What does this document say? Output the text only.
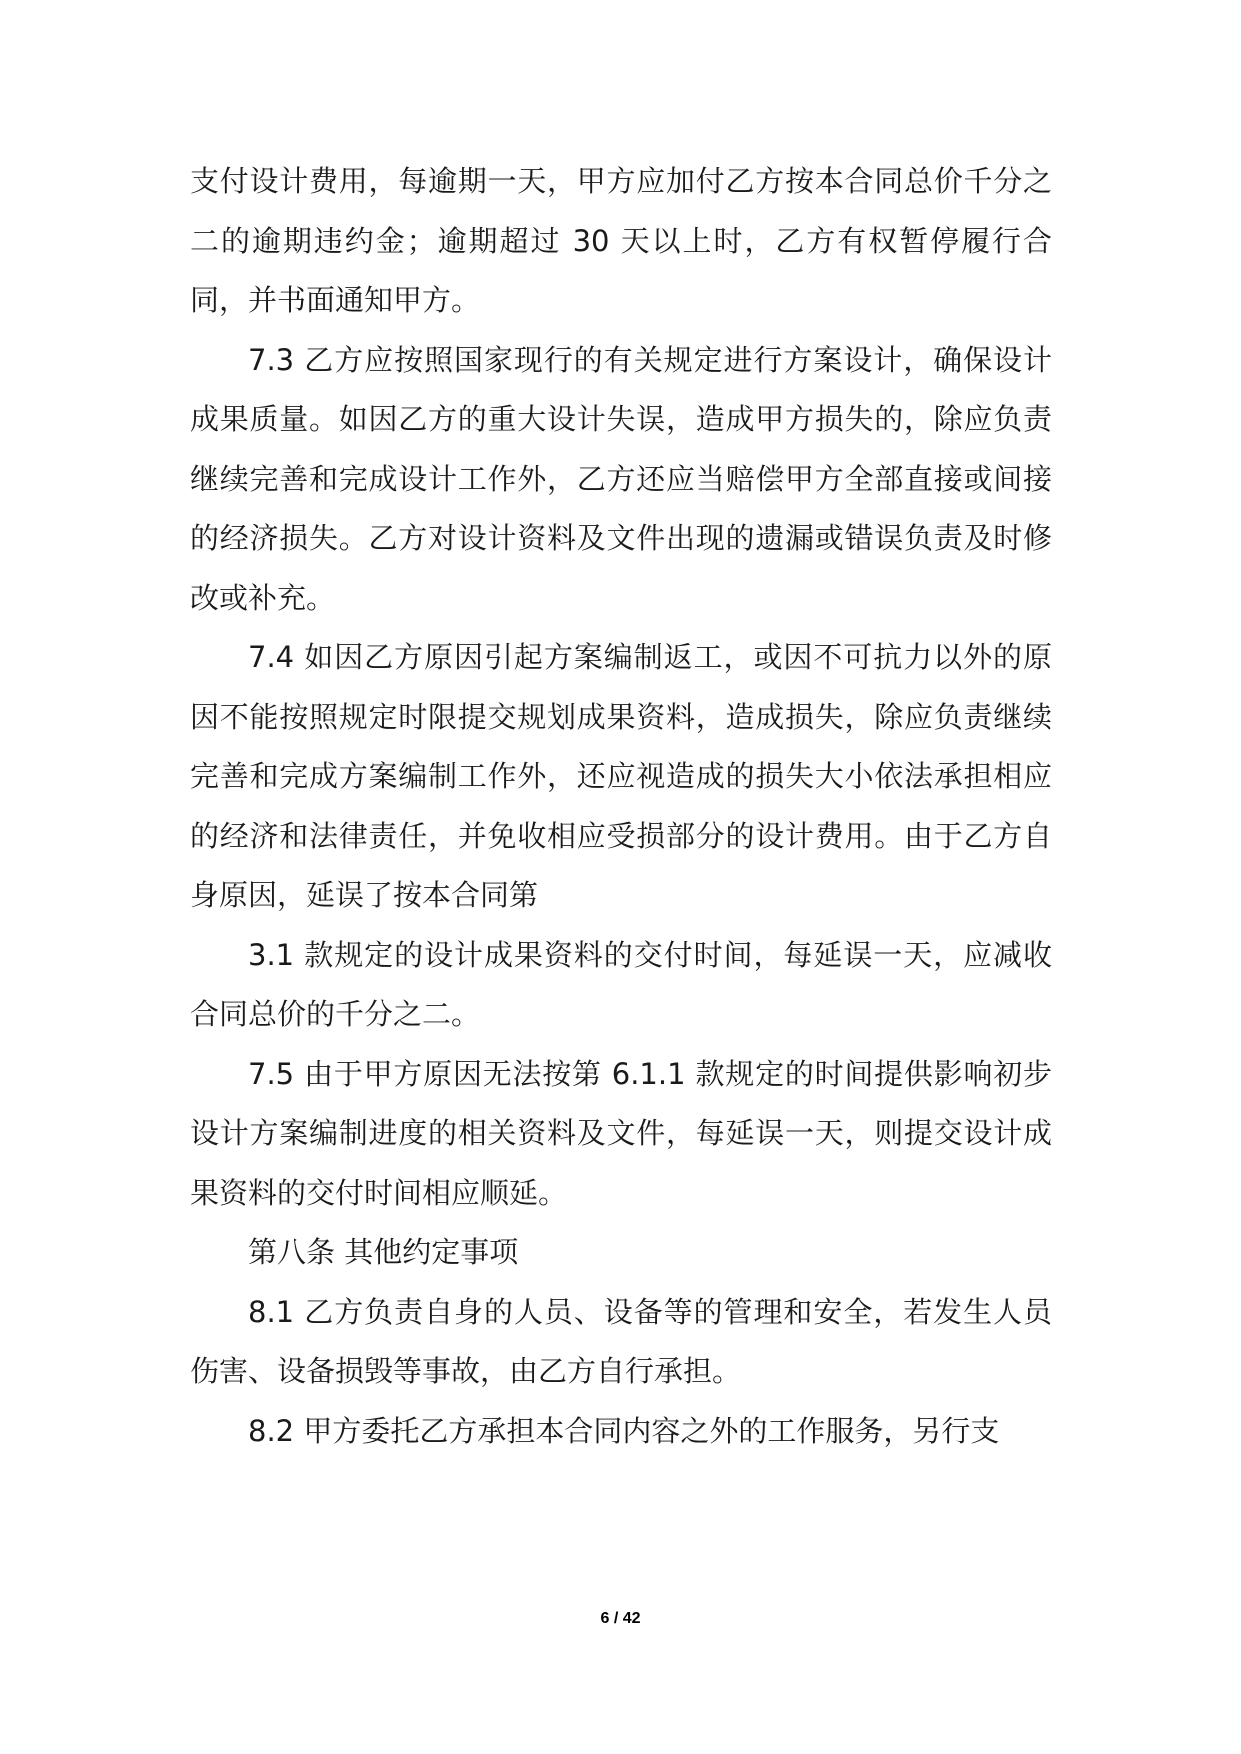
支付设计费用，每逾期一天，甲方应加付乙方按本合同总价千分之二的逾期违约金；逾期超过 30 天以上时，乙方有权暂停履行合同，并书面通知甲方。

7.3 乙方应按照国家现行的有关规定进行方案设计，确保设计成果质量。如因乙方的重大设计失误，造成甲方损失的，除应负责继续完善和完成设计工作外，乙方还应当赔偿甲方全部直接或间接的经济损失。乙方对设计资料及文件出现的遗漏或错误负责及时修改或补充。

7.4 如因乙方原因引起方案编制返工，或因不可抗力以外的原因不能按照规定时限提交规划成果资料，造成损失，除应负责继续完善和完成方案编制工作外，还应视造成的损失大小依法承担相应的经济和法律责任，并免收相应受损部分的设计费用。由于乙方自身原因，延误了按本合同第

3.1 款规定的设计成果资料的交付时间，每延误一天，应减收合同总价的千分之二。

7.5 由于甲方原因无法按第 6.1.1 款规定的时间提供影响初步设计方案编制进度的相关资料及文件，每延误一天，则提交设计成果资料的交付时间相应顺延。

第八条 其他约定事项

8.1 乙方负责自身的人员、设备等的管理和安全，若发生人员伤害、设备损毁等事故，由乙方自行承担。

8.2 甲方委托乙方承担本合同内容之外的工作服务，另行支

6 / 42
